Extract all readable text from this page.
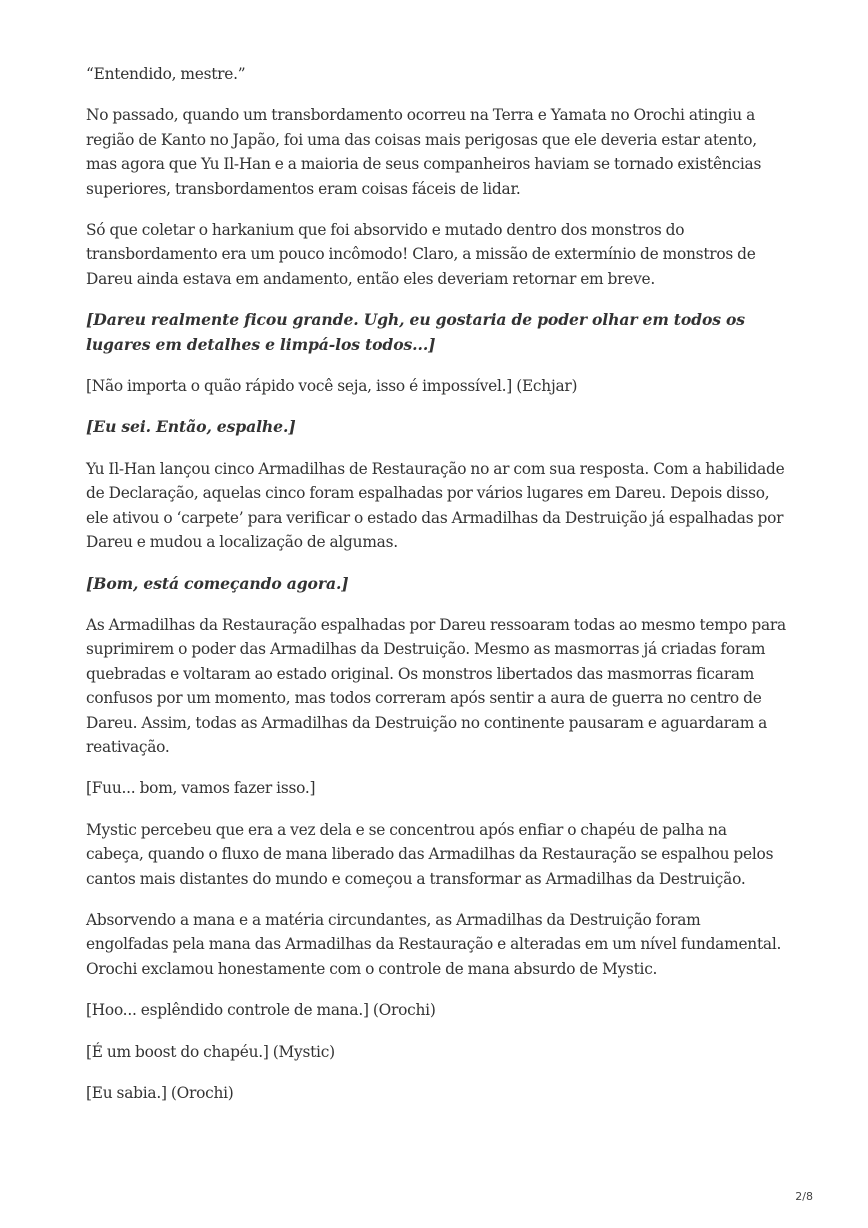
“Entendido, mestre.”

No passado, quando um transbordamento ocorreu na Terra e Yamata no Orochi atingiu a região de Kanto no Japão, foi uma das coisas mais perigosas que ele deveria estar atento, mas agora que Yu Il-Han e a maioria de seus companheiros haviam se tornado existências superiores, transbordamentos eram coisas fáceis de lidar.

Só que coletar o harkanium que foi absorvido e mutado dentro dos monstros do transbordamento era um pouco incômodo! Claro, a missão de extermínio de monstros de Dareu ainda estava em andamento, então eles deveriam retornar em breve.

[Dareu realmente ficou grande. Ugh, eu gostaria de poder olhar em todos os lugares em detalhes e limpá-los todos...]

[Não importa o quão rápido você seja, isso é impossível.] (Echjar)

[Eu sei. Então, espalhe.]

Yu Il-Han lançou cinco Armadilhas de Restauração no ar com sua resposta. Com a habilidade de Declaração, aquelas cinco foram espalhadas por vários lugares em Dareu. Depois disso, ele ativou o ‘carpete’ para verificar o estado das Armadilhas da Destruição já espalhadas por Dareu e mudou a localização de algumas.

[Bom, está começando agora.]

As Armadilhas da Restauração espalhadas por Dareu ressoaram todas ao mesmo tempo para suprimirem o poder das Armadilhas da Destruição. Mesmo as masmorras já criadas foram quebradas e voltaram ao estado original. Os monstros libertados das masmorras ficaram confusos por um momento, mas todos correram após sentir a aura de guerra no centro de Dareu. Assim, todas as Armadilhas da Destruição no continente pausaram e aguardaram a reativação.

[Fuu... bom, vamos fazer isso.]

Mystic percebeu que era a vez dela e se concentrou após enfiar o chapéu de palha na cabeça, quando o fluxo de mana liberado das Armadilhas da Restauração se espalhou pelos cantos mais distantes do mundo e começou a transformar as Armadilhas da Destruição.

Absorvendo a mana e a matéria circundantes, as Armadilhas da Destruição foram engolfadas pela mana das Armadilhas da Restauração e alteradas em um nível fundamental. Orochi exclamou honestamente com o controle de mana absurdo de Mystic.

[Hoo... esplêndido controle de mana.] (Orochi)

[É um boost do chapéu.] (Mystic)

[Eu sabia.] (Orochi)

2/8
